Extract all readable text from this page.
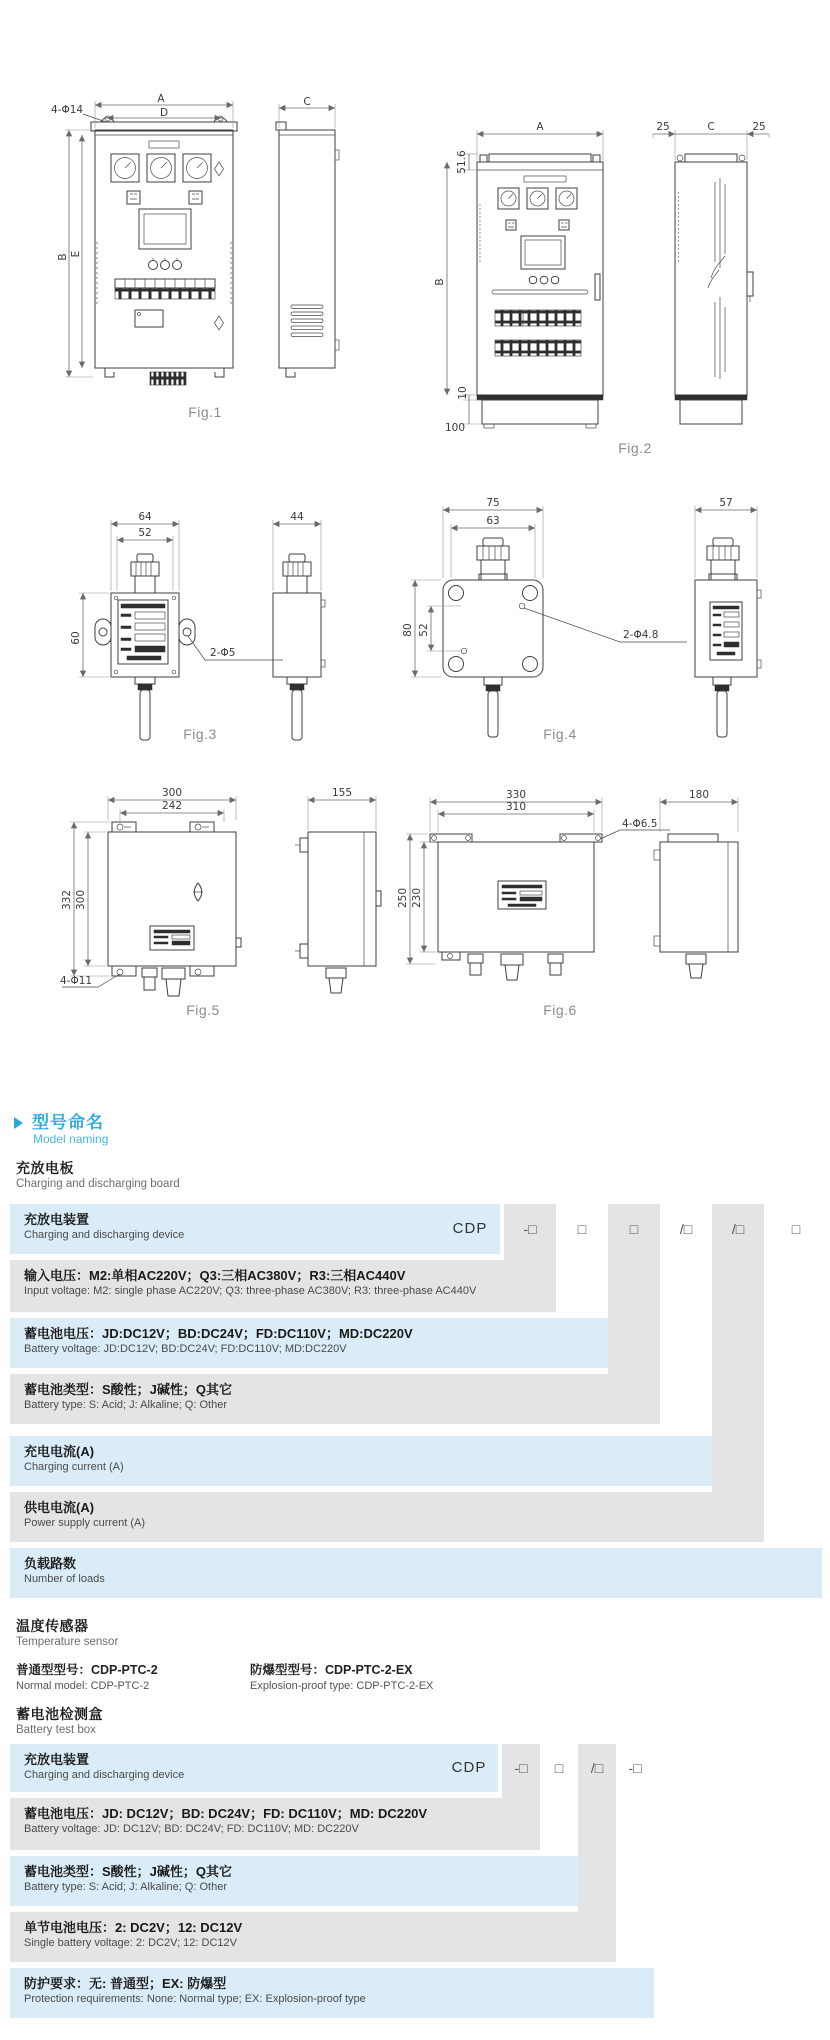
A
D
4-Φ14
B E
C
Fig.1
A
51.6
B
10
100
25	C	25
Fig.2
64
52
60
2-Φ5
44
Fig.3
75
63
80 52	2-Φ4.8
57
Fig.4
300
242
332 300
4-Φ11
155
Fig.5
330
310
250 230
4-Φ6.5
180
Fig.6
型号命名
Model naming
充放电板
Charging and discharging board
充放电装置
Charging and discharging device	CDP	-□	□	□	/□	/□	□
输入电压：M2:单相AC220V；Q3:三相AC380V；R3:三相AC440V
Input voltage: M2: single phase AC220V; Q3: three-phase AC380V; R3: three-phase AC440V
蓄电池电压：JD:DC12V；BD:DC24V；FD:DC110V；MD:DC220V
Battery voltage: JD:DC12V; BD:DC24V; FD:DC110V; MD:DC220V
蓄电池类型：S酸性；J碱性；Q其它
Battery type: S: Acid; J: Alkaline; Q: Other
充电电流(A)
Charging current (A)
供电电流(A)
Power supply current (A)
负载路数
Number of loads
温度传感器
Temperature sensor
普通型型号：CDP-PTC-2	防爆型型号：CDP-PTC-2-EX
Normal model: CDP-PTC-2	Explosion-proof type: CDP-PTC-2-EX
蓄电池检测盒
Battery test box
充放电装置
Charging and discharging device	CDP	-□	□	/□	-□
蓄电池电压：JD: DC12V；BD: DC24V；FD: DC110V；MD: DC220V
Battery voltage: JD: DC12V; BD: DC24V; FD: DC110V; MD: DC220V
蓄电池类型：S酸性；J碱性；Q其它
Battery type: S: Acid; J: Alkaline; Q: Other
单节电池电压：2: DC2V；12: DC12V
Single battery voltage: 2: DC2V; 12: DC12V
防护要求：无: 普通型；EX: 防爆型
Protection requirements: None: Normal type; EX: Explosion-proof type
